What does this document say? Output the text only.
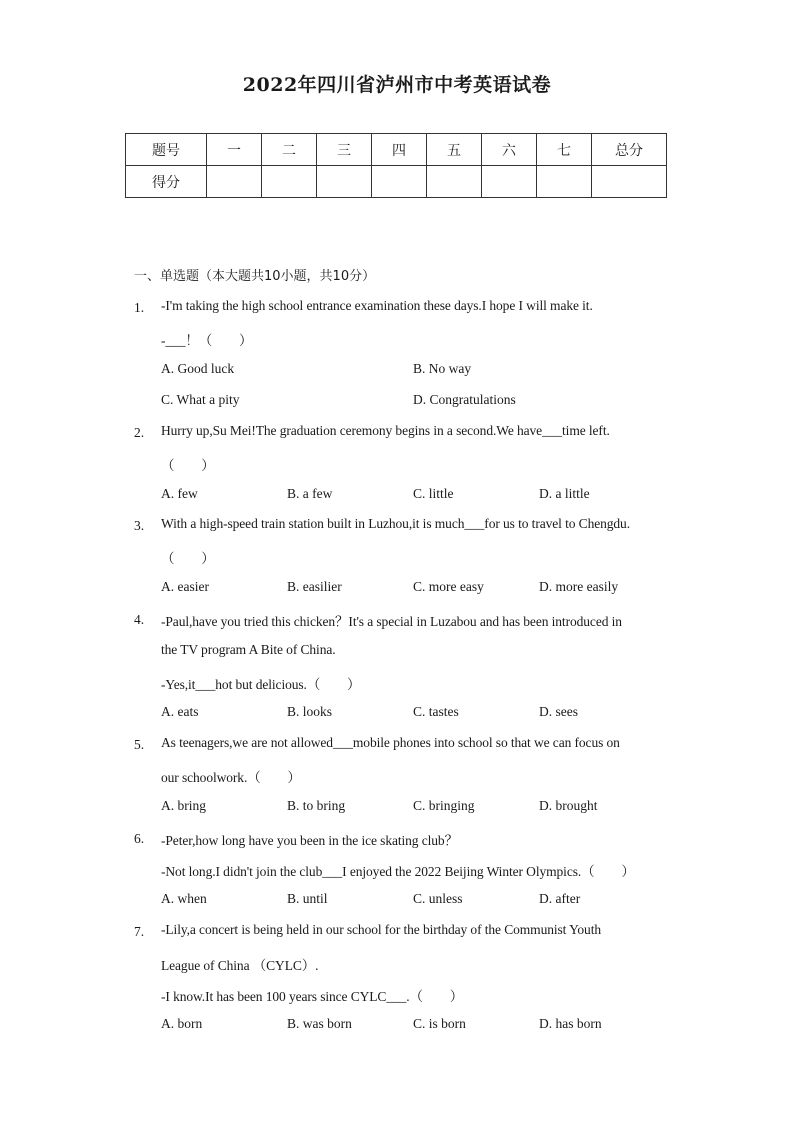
2022年四川省泸州市中考英语试卷
题号	一	二	三	四	五	六	七	总分
得分								
一、单选题（本大题共10小题，共10分）
1. -I'm taking the high school entrance examination these days.I hope I will make it.
-___！（　　）
A. Good luck	B. No way
C. What a pity	D. Congratulations
2. Hurry up,Su Mei!The graduation ceremony begins in a second.We have___time left.
（　　）
A. few	B. a few	C. little	D. a little
3. With a high-speed train station built in Luzhou,it is much___for us to travel to Chengdu.
（　　）
A. easier	B. easilier	C. more easy	D. more easily
4. -Paul,have you tried this chicken？It's a special in Luzabou and has been introduced in
the TV program A Bite of China.
-Yes,it___hot but delicious.（　　）
A. eats	B. looks	C. tastes	D. sees
5. As teenagers,we are not allowed___mobile phones into school so that we can focus on
our schoolwork.（　　）
A. bring	B. to bring	C. bringing	D. brought
6. -Peter,how long have you been in the ice skating club？
-Not long.I didn't join the club___I enjoyed the 2022 Beijing Winter Olympics.（　　）
A. when	B. until	C. unless	D. after
7. -Lily,a concert is being held in our school for the birthday of the Communist Youth
League of China （CYLC）.
-I know.It has been 100 years since CYLC___.（　　）
A. born	B. was born	C. is born	D. has born
